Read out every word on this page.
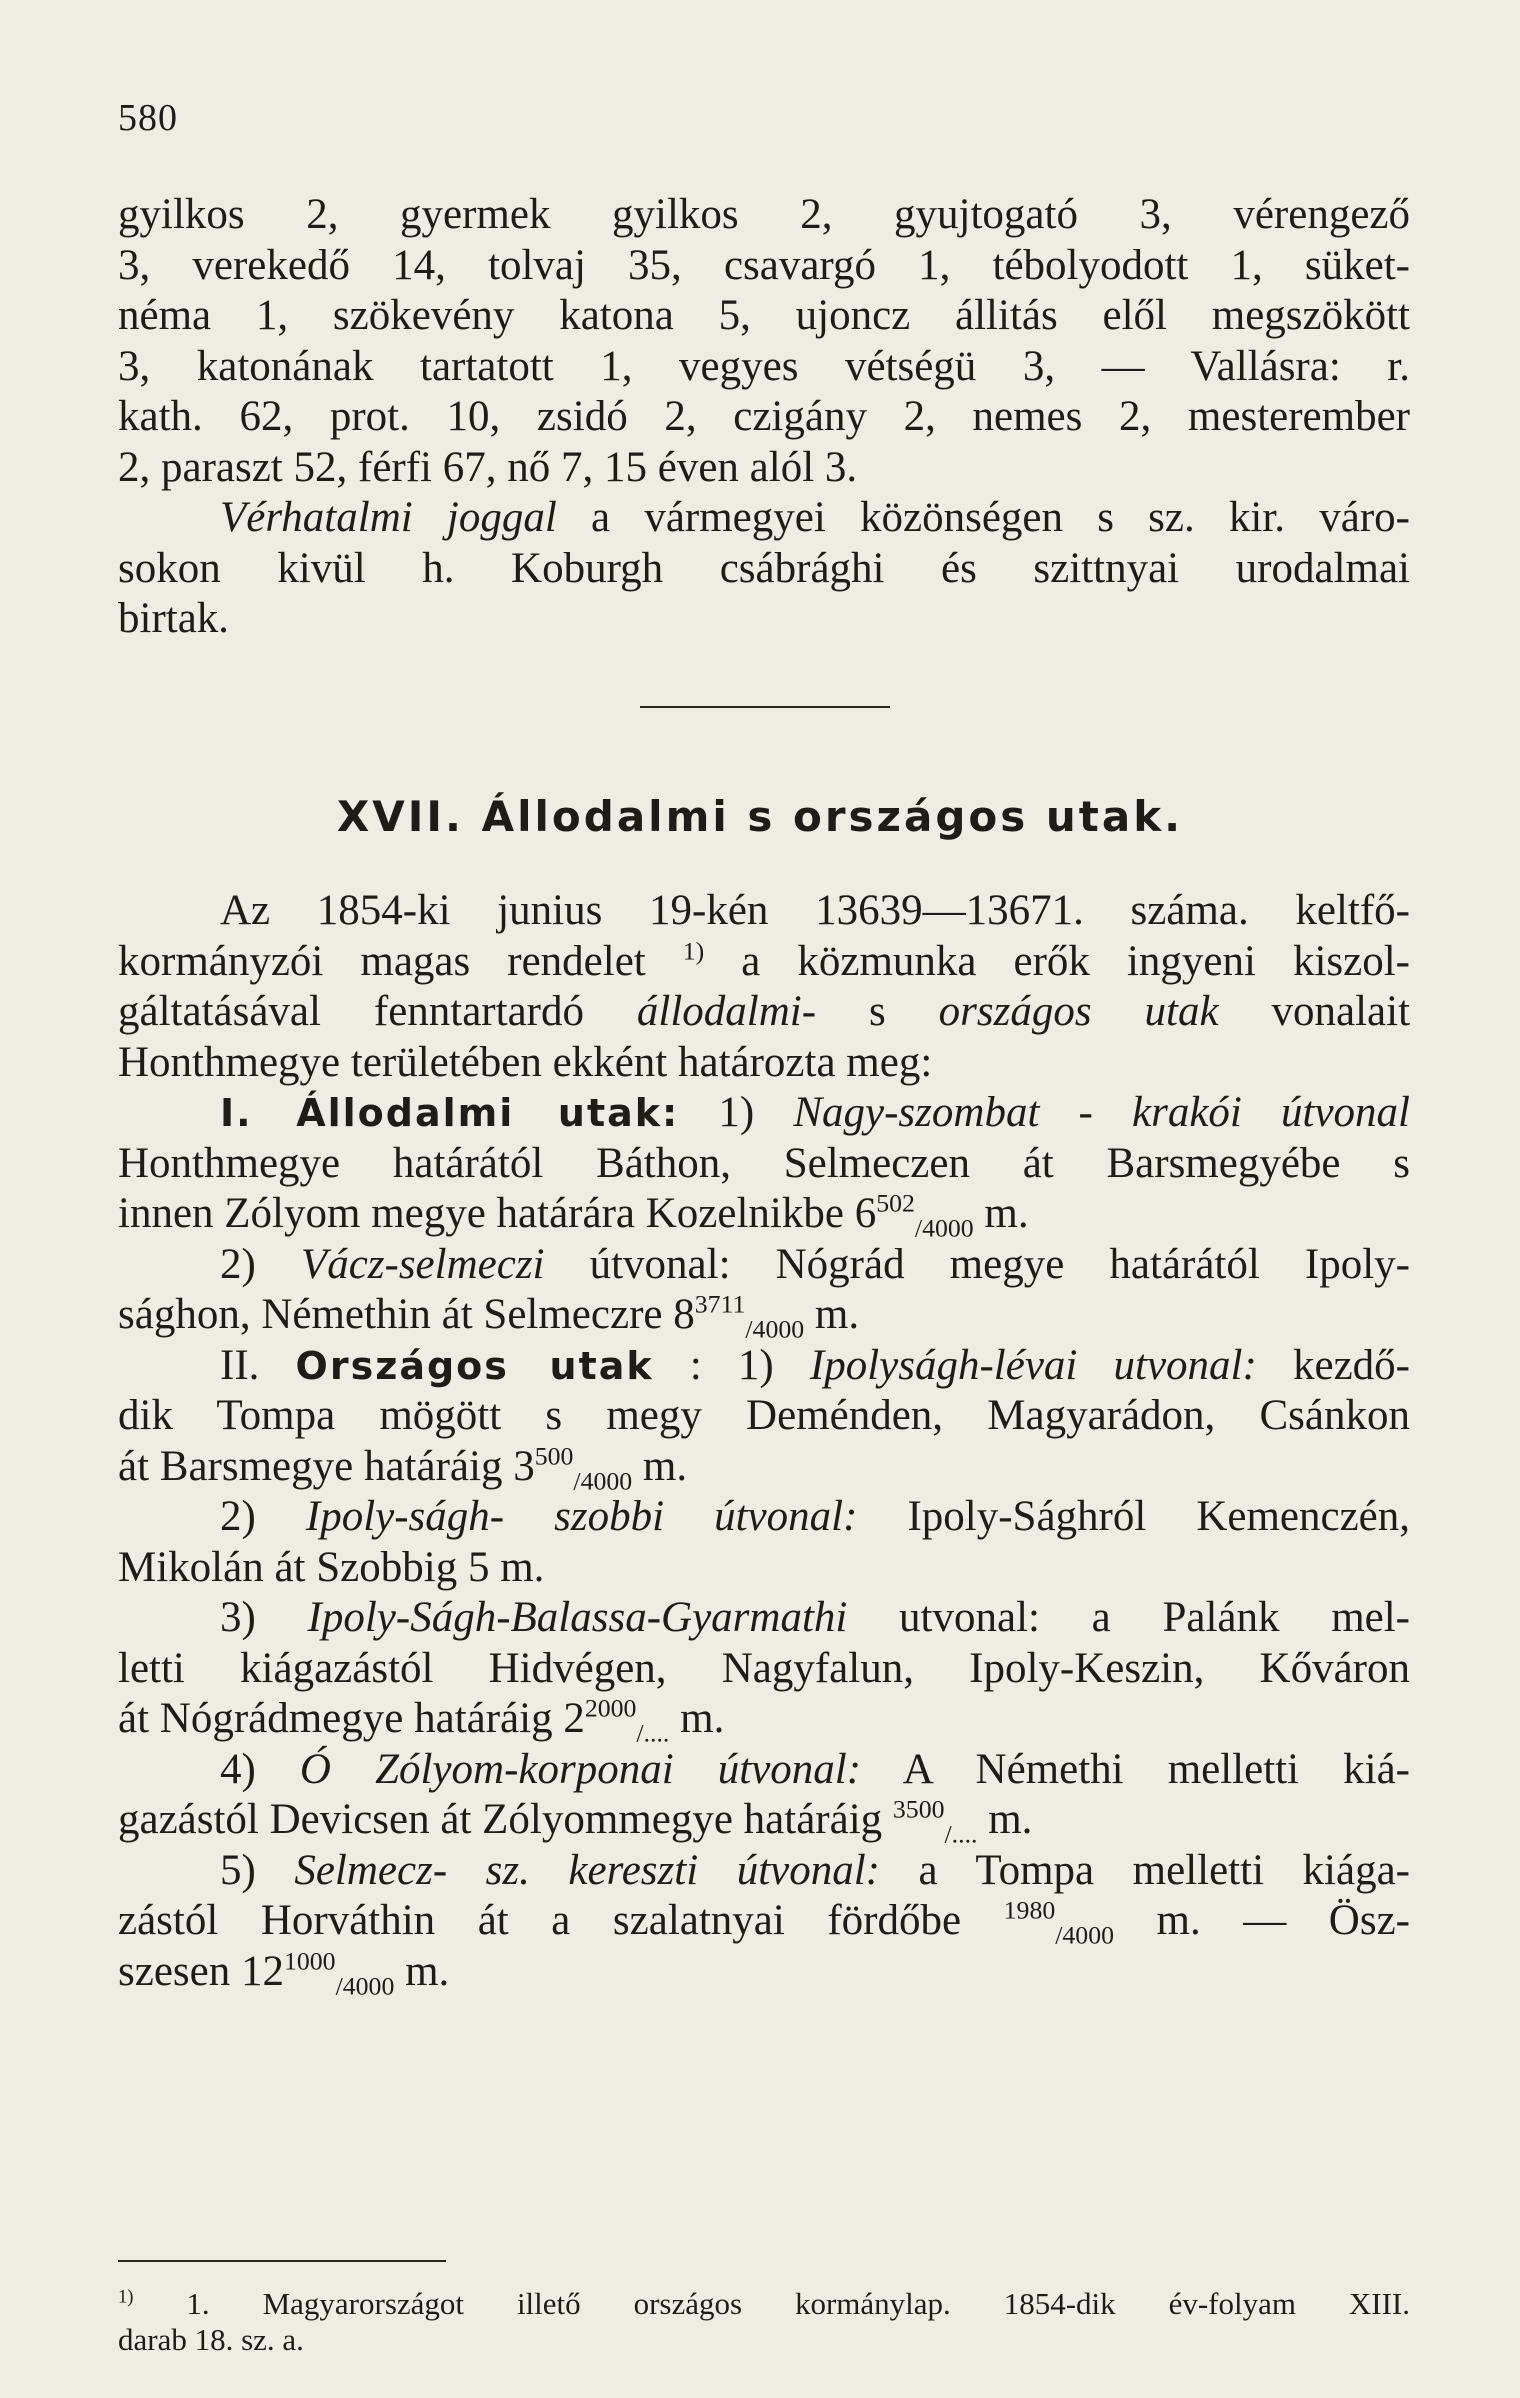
580
gyilkos 2, gyermek gyilkos 2, gyujtogató 3, vérengező
3, verekedő 14, tolvaj 35, csavargó 1, tébolyodott 1, süket-
néma 1, szökevény katona 5, ujoncz állitás elől megszökött
3, katonának tartatott 1, vegyes vétségü 3, — Vallásra: r.
kath. 62, prot. 10, zsidó 2, czigány 2, nemes 2, mesterember
2, paraszt 52, férfi 67, nő 7, 15 éven alól 3.
Vérhatalmi joggal a vármegyei közönségen s sz. kir. váro-
sokon kivül h. Koburgh csábrághi és szittnyai urodalmai
birtak.
XVII. Állodalmi s országos utak.
Az 1854-ki junius 19-kén 13639—13671. száma. keltfő-
kormányzói magas rendelet $^{1)}$ a közmunka erők ingyeni kiszol-
gáltatásával fenntartardó állodalmi- s országos utak vonalait
Honthmegye területében ekként határozta meg:
I. Állodalmi utak: 1) Nagy-szombat - krakói útvonal
Honthmegye határától Báthon, Selmeczen át Barsmegyébe s
innen Zólyom megye határára Kozelnikbe $6^{502}_{/4000}$ m.
2) Vácz-selmeczi útvonal: Nógrád megye határától Ipoly-
sághon, Némethin át Selmeczre $8^{3711}_{/4000}$ m.
II. Országos utak : 1) Ipolyságh-lévai utvonal: kezdő-
dik Tompa mögött s megy Deménden, Magyarádon, Csánkon
át Barsmegye határáig $3^{500}_{/4000}$ m.
2) Ipoly-ságh- szobbi útvonal: Ipoly-Sághról Kemenczén,
Mikolán át Szobbig 5 m.
3) Ipoly-Ságh-Balassa-Gyarmathi utvonal: a Palánk mel-
letti kiágazástól Hidvégen, Nagyfalun, Ipoly-Keszin, Kőváron
át Nógrádmegye határáig $2^{2000}_{/....}$ m.
4) Ó Zólyom-korponai útvonal: A Némethi melletti kiá-
gazástól Devicsen át Zólyommegye határáig $^{3500}_{/....}$ m.
5) Selmecz- sz. kereszti útvonal: a Tompa melletti kiága-
zástól Horváthin át a szalatnyai fördőbe $^{1980}_{/4000}$ m. — Ösz-
szesen $12^{1000}_{/4000}$ m.
$^{1)}$ 1. Magyarországot illető országos kormánylap. 1854-dik év-folyam XIII.
darab 18. sz. a.
